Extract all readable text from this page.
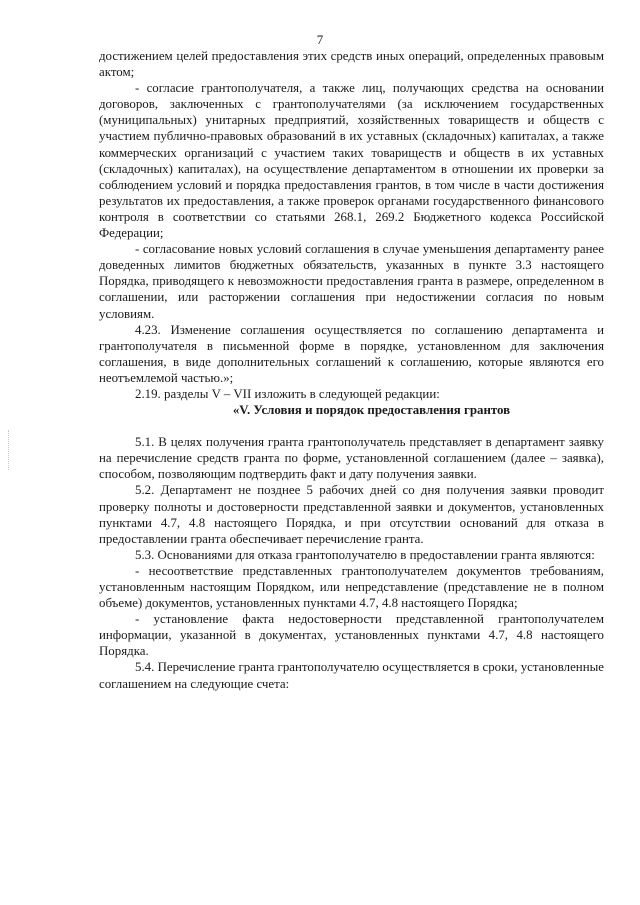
7

достижением целей предоставления этих средств иных операций, определенных правовым актом;

- согласие грантополучателя, а также лиц, получающих средства на основании договоров, заключенных с грантополучателями (за исключением государственных (муниципальных) унитарных предприятий, хозяйственных товариществ и обществ с участием публично-правовых образований в их уставных (складочных) капиталах, а также коммерческих организаций с участием таких товариществ и обществ в их уставных (складочных) капиталах), на осуществление департаментом в отношении их проверки за соблюдением условий и порядка предоставления грантов, в том числе в части достижения результатов их предоставления, а также проверок органами государственного финансового контроля в соответствии со статьями 268.1, 269.2 Бюджетного кодекса Российской Федерации;

- согласование новых условий соглашения в случае уменьшения департаменту ранее доведенных лимитов бюджетных обязательств, указанных в пункте 3.3 настоящего Порядка, приводящего к невозможности предоставления гранта в размере, определенном в соглашении, или расторжении соглашения при недостижении согласия по новым условиям.

4.23. Изменение соглашения осуществляется по соглашению департамента и грантополучателя в письменной форме в порядке, установленном для заключения соглашения, в виде дополнительных соглашений к соглашению, которые являются его неотъемлемой частью.»;

2.19. разделы V – VII изложить в следующей редакции:

«V. Условия и порядок предоставления грантов

5.1. В целях получения гранта грантополучатель представляет в департамент заявку на перечисление средств гранта по форме, установленной соглашением (далее – заявка), способом, позволяющим подтвердить факт и дату получения заявки.

5.2. Департамент не позднее 5 рабочих дней со дня получения заявки проводит проверку полноты и достоверности представленной заявки и документов, установленных пунктами 4.7, 4.8 настоящего Порядка, и при отсутствии оснований для отказа в предоставлении гранта обеспечивает перечисление гранта.

5.3. Основаниями для отказа грантополучателю в предоставлении гранта являются:

- несоответствие представленных грантополучателем документов требованиям, установленным настоящим Порядком, или непредставление (представление не в полном объеме) документов, установленных пунктами 4.7, 4.8 настоящего Порядка;

- установление факта недостоверности представленной грантополучателем информации, указанной в документах, установленных пунктами 4.7, 4.8 настоящего Порядка.

5.4. Перечисление гранта грантополучателю осуществляется в сроки, установленные соглашением на следующие счета:
